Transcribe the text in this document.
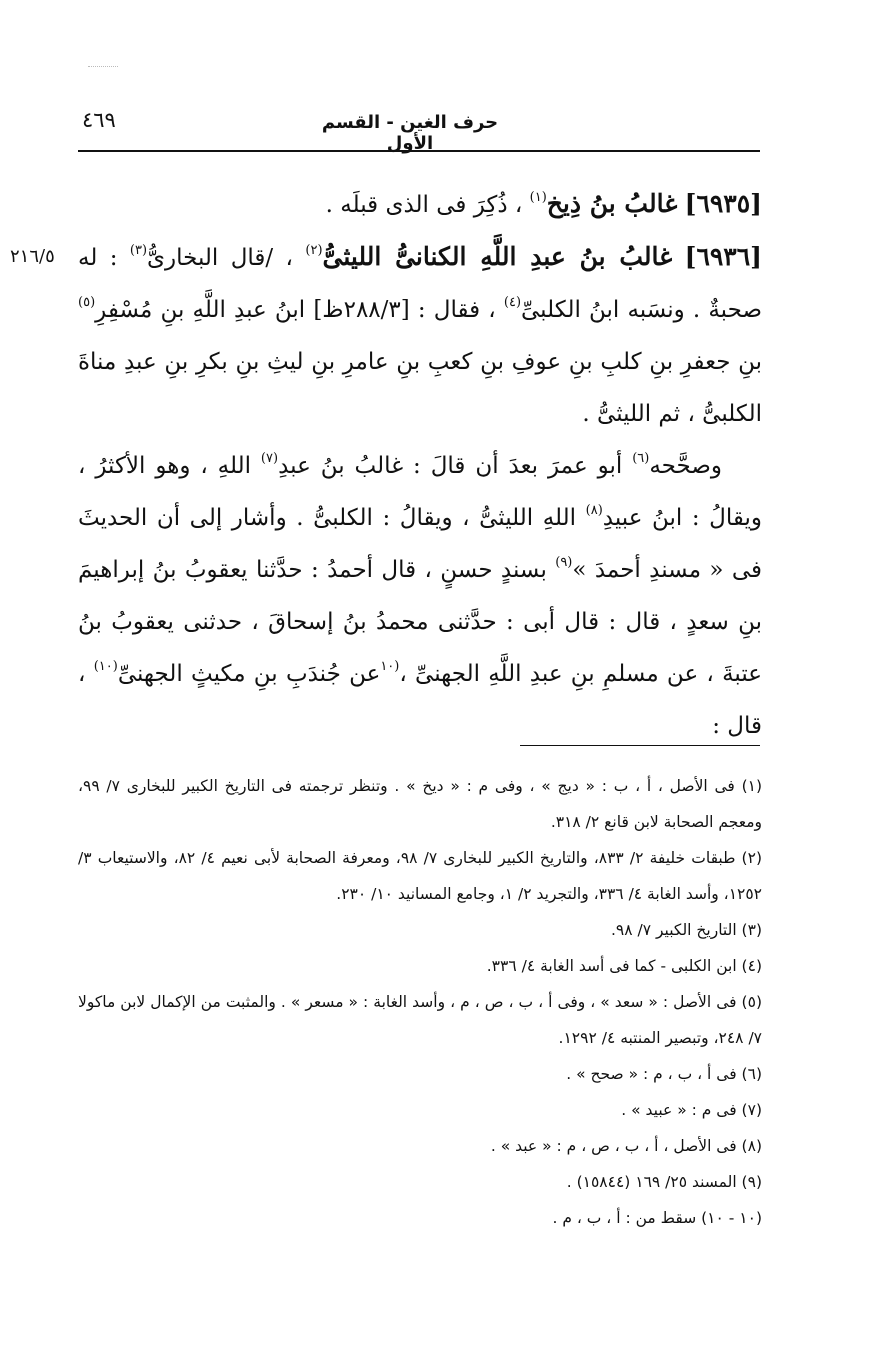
حرف الغين - القسم الأول
٤٦٩
٢١٦/٥

[٦٩٣٥] غالبُ بنُ ذِيخ$^{(١)}$ ، ذُكِرَ فى الذى قبلَه .

[٦٩٣٦] غالبُ بنُ عبدِ اللَّهِ الكنانىُّ الليثىُّ$^{(٢)}$ ، /قال البخارىُّ$^{(٣)}$ : له صحبةٌ . ونسَبه ابنُ الكلبىِّ$^{(٤)}$ ، فقال : [٢٨٨/٣ظ] ابنُ عبدِ اللَّهِ بنِ مُسْفِرِ$^{(٥)}$ بنِ جعفرِ بنِ كلبِ بنِ عوفِ بنِ كعبِ بنِ عامرِ بنِ ليثِ بنِ بكرِ بنِ عبدِ مناةَ الكلبىُّ ، ثم الليثىُّ .

وصحَّحه$^{(٦)}$ أبو عمرَ بعدَ أن قالَ : غالبُ بنُ عبدِ$^{(٧)}$ اللهِ ، وهو الأكثرُ ، ويقالُ : ابنُ عبيدِ$^{(٨)}$ اللهِ الليثىُّ ، ويقالُ : الكلبىُّ . وأشار إلى أن الحديثَ فى « مسندِ أحمدَ »$^{(٩)}$ بسندٍ حسنٍ ، قال أحمدُ : حدَّثنا يعقوبُ بنُ إبراهيمَ بنِ سعدٍ ، قال : قال أبى : حدَّثنى محمدُ بنُ إسحاقَ ، حدثنى يعقوبُ بنُ عتبةَ ، عن مسلمِ بنِ عبدِ اللَّهِ الجهنىِّ ،$^{(١٠}$عن جُندَبِ بنِ مكيثٍ الجهنىِّ$^{(١٠)}$ ، قال :

(١) فى الأصل ، أ ، ب : « ديج » ، وفى م : « ديخ » . وتنظر ترجمته فى التاريخ الكبير للبخارى ٧/ ٩٩، ومعجم الصحابة لابن قانع ٢/ ٣١٨.

(٢) طبقات خليفة ٢/ ٨٣٣، والتاريخ الكبير للبخارى ٧/ ٩٨، ومعرفة الصحابة لأبى نعيم ٤/ ٨٢، والاستيعاب ٣/ ١٢٥٢، وأسد الغابة ٤/ ٣٣٦، والتجريد ٢/ ١، وجامع المسانيد ١٠/ ٢٣٠.

(٣) التاريخ الكبير ٧/ ٩٨.

(٤) ابن الكلبى - كما فى أسد الغابة ٤/ ٣٣٦.

(٥) فى الأصل : « سعد » ، وفى أ ، ب ، ص ، م ، وأسد الغابة : « مسعر » . والمثبت من الإكمال لابن ماكولا ٧/ ٢٤٨، وتبصير المنتبه ٤/ ١٢٩٢.

(٦) فى أ ، ب ، م : « صحح » .

(٧) فى م : « عبيد » .

(٨) فى الأصل ، أ ، ب ، ص ، م : « عبد » .

(٩) المسند ٢٥/ ١٦٩ (١٥٨٤٤) .

(١٠ - ١٠) سقط من : أ ، ب ، م .
